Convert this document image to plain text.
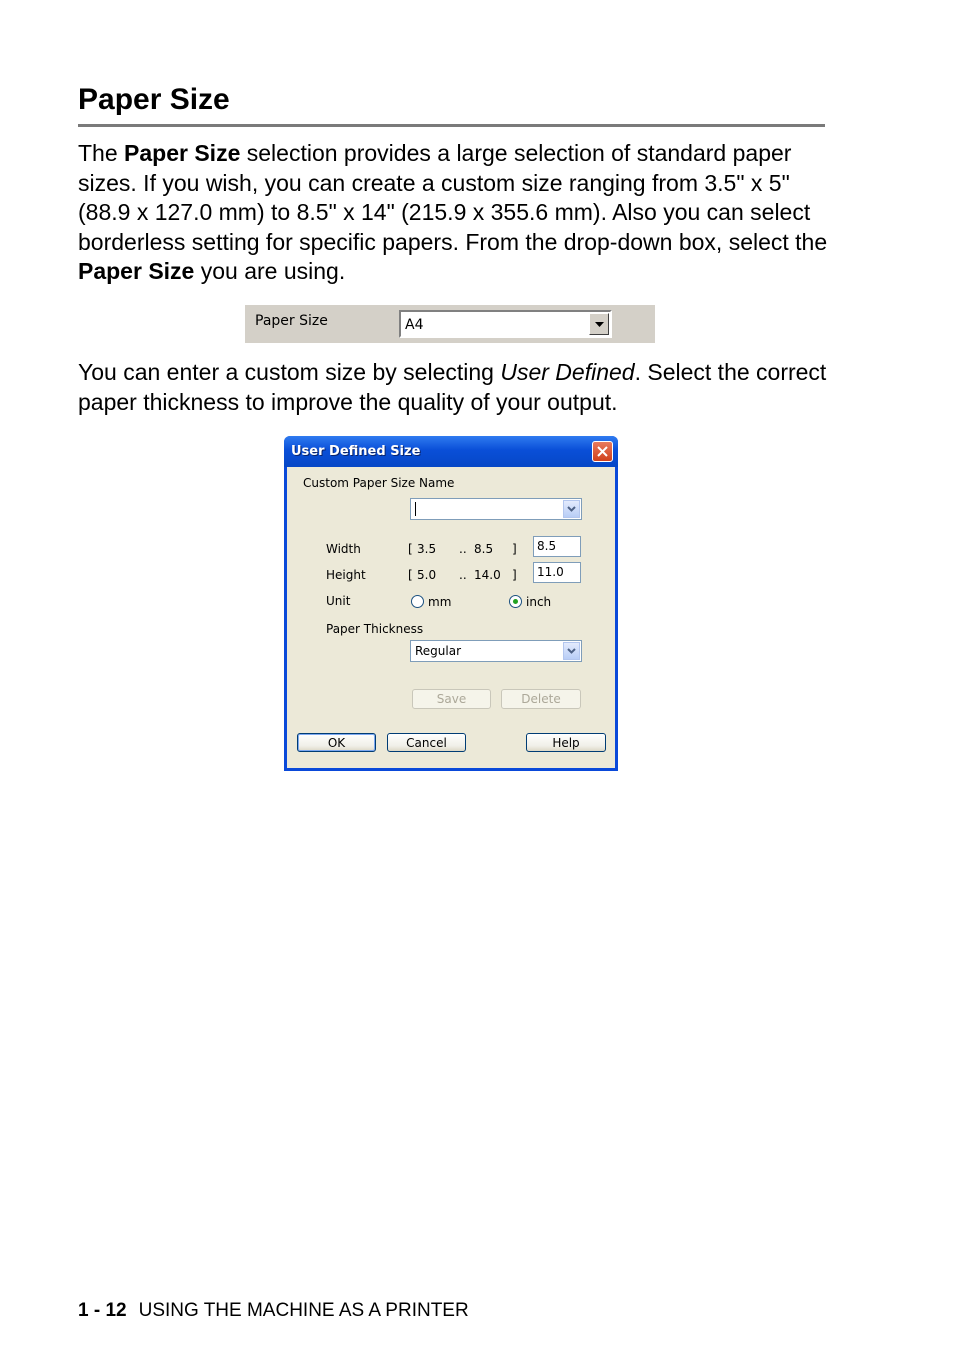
Paper Size
The Paper Size selection provides a large selection of standard paper sizes. If you wish, you can create a custom size ranging from 3.5" x 5" (88.9 x 127.0 mm) to 8.5" x 14" (215.9 x 355.6 mm). Also you can select borderless setting for specific papers. From the drop-down box, select the Paper Size you are using.
Paper Size	A4
You can enter a custom size by selecting User Defined. Select the correct paper thickness to improve the quality of your output.
User Defined Size
Custom Paper Size Name
Width	[ 3.5 .. 8.5 ] 8.5
Height	[ 5.0 .. 14.0 ] 11.0
Unit	mm	inch
Paper Thickness
Regular
Save	Delete
OK	Cancel	Help
1 - 12 USING THE MACHINE AS A PRINTER
